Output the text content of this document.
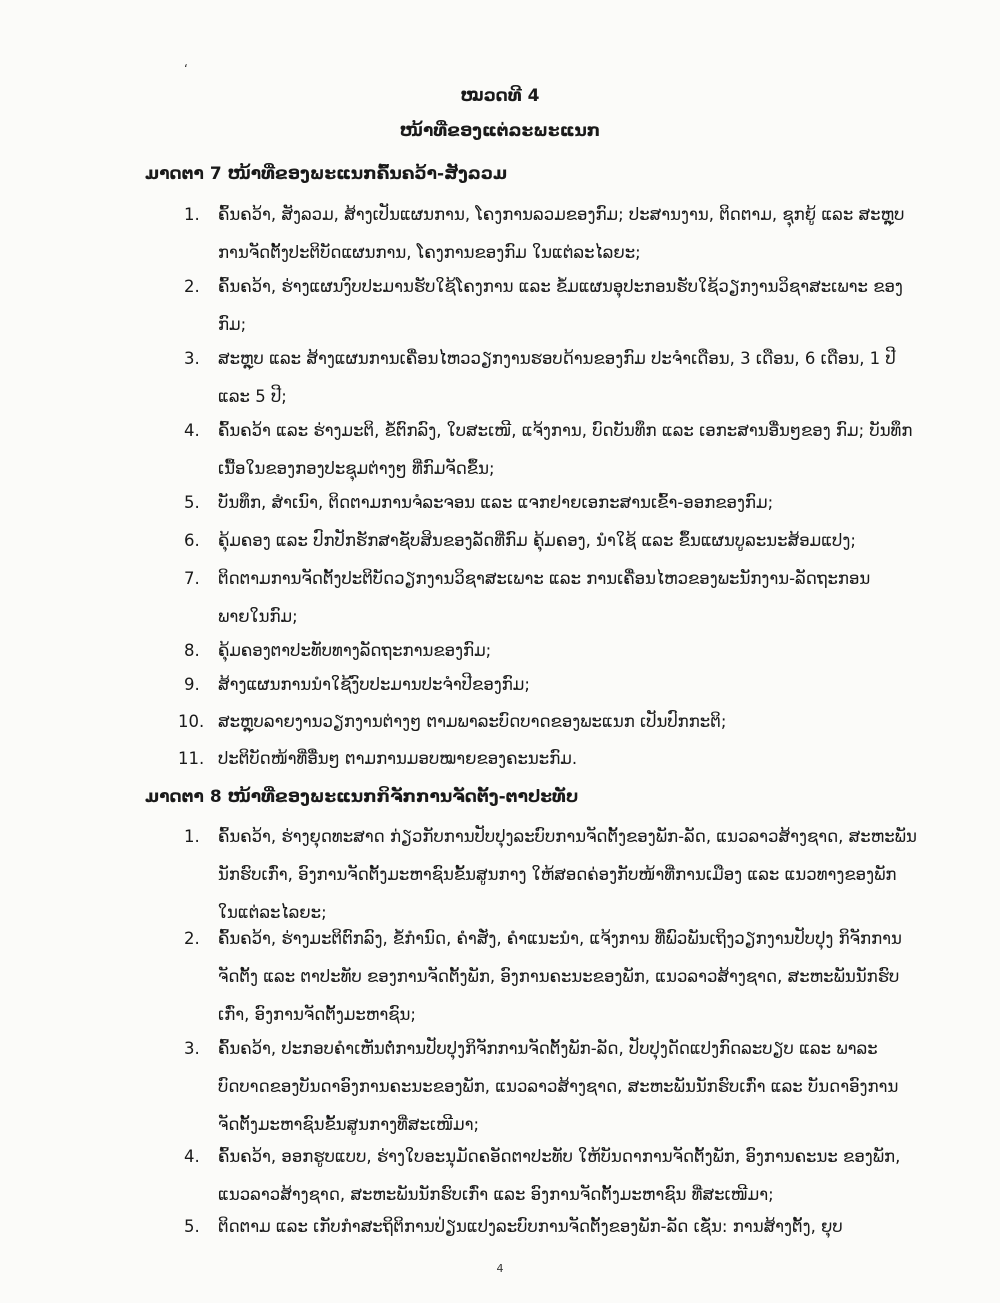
‘
ໝວດທີ 4
ໜ້າທີ່ຂອງແຕ່ລະພະແນກ
ມາດຕາ 7 ໜ້າທີ່ຂອງພະແນກຄົ້ນຄວ້າ-ສັງລວມ
1.	ຄົ້ນຄວ້າ, ສັງລວມ, ສ້າງເປັນແຜນການ, ໂຄງການລວມຂອງກົມ; ປະສານງານ, ຕິດຕາມ, ຊຸກຍູ້ ແລະ ສະຫຼຸບການຈັດຕັ້ງປະຕິບັດແຜນການ, ໂຄງການຂອງກົມ ໃນແຕ່ລະໄລຍະ;
2.	ຄົ້ນຄວ້າ, ຮ່າງແຜນງົບປະມານຮັບໃຊ້ໂຄງການ ແລະ ຂໍ້ມແຜນອຸປະກອນຮັບໃຊ້ວຽກງານວິຊາສະເພາະ ຂອງກົມ;
3.	ສະຫຼຸບ ແລະ ສ້າງແຜນການເຄື່ອນໄຫວວຽກງານຮອບດ້ານຂອງກົມ ປະຈໍາເດືອນ, 3 ເດືອນ, 6 ເດືອນ, 1 ປີ ແລະ 5 ປີ;
4.	ຄົ້ນຄວ້າ ແລະ ຮ່າງມະຕິ, ຂໍ້ຕົກລົງ, ໃບສະເໜີ, ແຈ້ງການ, ບົດບັນທຶກ ແລະ ເອກະສານອື່ນໆຂອງ ກົມ; ບັນທຶກເນື້ອໃນຂອງກອງປະຊຸມຕ່າງໆ ທີ່ກົມຈັດຂຶ້ນ;
5.	ບັນທຶກ, ສໍາເນົາ, ຕິດຕາມການຈໍລະຈອນ ແລະ ແຈກຢາຍເອກະສານເຂົ້າ-ອອກຂອງກົມ;
6.	ຄຸ້ມຄອງ ແລະ ປົກປັກຮັກສາຊັບສິນຂອງລັດທີ່ກົມ ຄຸ້ມຄອງ, ນໍາໃຊ້ ແລະ ຂຶ້ນແຜນບູລະນະສ້ອມແປງ;
7.	ຕິດຕາມການຈັດຕັ້ງປະຕິບັດວຽກງານວິຊາສະເພາະ ແລະ ການເຄື່ອນໄຫວຂອງພະນັກງານ-ລັດຖະກອນ ພາຍໃນກົມ;
8.	ຄຸ້ມຄອງຕາປະທັບທາງລັດຖະການຂອງກົມ;
9.	ສ້າງແຜນການນໍາໃຊ້ງົບປະມານປະຈໍາປີຂອງກົມ;
10. ສະຫຼຸບລາຍງານວຽກງານຕ່າງໆ ຕາມພາລະບົດບາດຂອງພະແນກ ເປັນປົກກະຕິ;
11. ປະຕິບັດໜ້າທີ່ອື່ນໆ ຕາມການມອບໝາຍຂອງຄະນະກົມ.
ມາດຕາ 8 ໜ້າທີ່ຂອງພະແນກກິຈັກການຈັດຕັ້ງ-ຕາປະທັບ
1.	ຄົ້ນຄວ້າ, ຮ່າງຍຸດທະສາດ ກ່ຽວກັບການປັບປຸງລະບົບການຈັດຕັ້ງຂອງພັກ-ລັດ, ແນວລາວສ້າງຊາດ, ສະຫະພັນນັກຮົບເກົ່າ, ອົງການຈັດຕັ້ງມະຫາຊົນຂັ້ນສູນກາງ ໃຫ້ສອດຄ່ອງກັບໜ້າທີ່ການເມືອງ ແລະ ແນວທາງຂອງພັກ ໃນແຕ່ລະໄລຍະ;
2.	ຄົ້ນຄວ້າ, ຮ່າງມະຕິຕົກລົງ, ຂໍ້ກໍານົດ, ຄໍາສັ່ງ, ຄໍາແນະນໍາ, ແຈ້ງການ ທີ່ພົວພັນເຖິງວຽກງານປັບປຸງ ກິຈັກການຈັດຕັ້ງ ແລະ ຕາປະທັບ ຂອງການຈັດຕັ້ງພັກ, ອົງການຄະນະຂອງພັກ, ແນວລາວສ້າງຊາດ, ສະຫະພັນນັກຮົບເກົ່າ, ອົງການຈັດຕັ້ງມະຫາຊົນ;
3.	ຄົ້ນຄວ້າ, ປະກອບຄໍາເຫັນຕໍ່ການປັບປຸງກິຈັກການຈັດຕັ້ງພັກ-ລັດ, ປັບປຸງດັດແປງກົດລະບຽບ ແລະ ພາລະບົດບາດຂອງບັນດາອົງການຄະນະຂອງພັກ, ແນວລາວສ້າງຊາດ, ສະຫະພັນນັກຮົບເກົ່າ ແລະ ບັນດາອົງການຈັດຕັ້ງມະຫາຊົນຂັ້ນສູນກາງທີ່ສະເໜີມາ;
4.	ຄົ້ນຄວ້າ, ອອກຮູບແບບ, ຮ່າງໃບອະນຸມັດຄອັດຕາປະທັບ ໃຫ້ບັນດາການຈັດຕັ້ງພັກ, ອົງການຄະນະ ຂອງພັກ, ແນວລາວສ້າງຊາດ, ສະຫະພັນນັກຮົບເກົ່າ ແລະ ອົງການຈັດຕັ້ງມະຫາຊົນ ທີ່ສະເໜີມາ;
5.	ຕິດຕາມ ແລະ ເກັບກໍາສະຖິຕິການປ່ຽນແປງລະບົບການຈັດຕັ້ງຂອງພັກ-ລັດ ເຊັ່ນ: ການສ້າງຕັ້ງ, ຍຸບ
4
